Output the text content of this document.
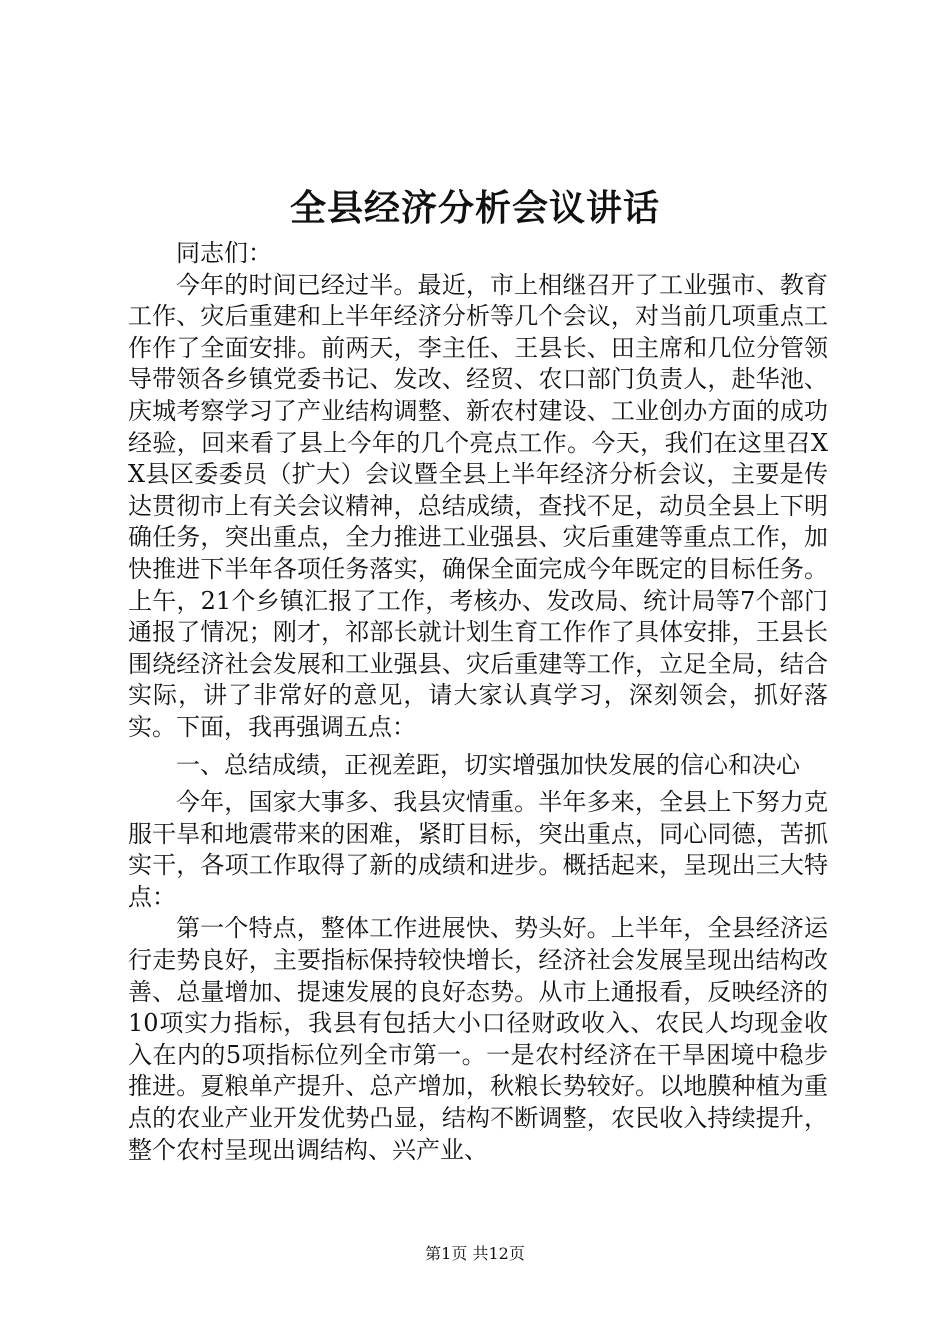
全县经济分析会议讲话

同志们：

今年的时间已经过半。最近，市上相继召开了工业强市、教育工作、灾后重建和上半年经济分析等几个会议，对当前几项重点工作作了全面安排。前两天，李主任、王县长、田主席和几位分管领导带领各乡镇党委书记、发改、经贸、农口部门负责人，赴华池、庆城考察学习了产业结构调整、新农村建设、工业创办方面的成功经验，回来看了县上今年的几个亮点工作。今天，我们在这里召XX县区委委员（扩大）会议暨全县上半年经济分析会议，主要是传达贯彻市上有关会议精神，总结成绩，查找不足，动员全县上下明确任务，突出重点，全力推进工业强县、灾后重建等重点工作，加快推进下半年各项任务落实，确保全面完成今年既定的目标任务。上午，21个乡镇汇报了工作，考核办、发改局、统计局等7个部门通报了情况；刚才，祁部长就计划生育工作作了具体安排，王县长围绕经济社会发展和工业强县、灾后重建等工作，立足全局，结合实际，讲了非常好的意见，请大家认真学习，深刻领会，抓好落实。下面，我再强调五点：

一、总结成绩，正视差距，切实增强加快发展的信心和决心

今年，国家大事多、我县灾情重。半年多来，全县上下努力克服干旱和地震带来的困难，紧盯目标，突出重点，同心同德，苦抓实干，各项工作取得了新的成绩和进步。概括起来，呈现出三大特点：

第一个特点，整体工作进展快、势头好。上半年，全县经济运行走势良好，主要指标保持较快增长，经济社会发展呈现出结构改善、总量增加、提速发展的良好态势。从市上通报看，反映经济的10项实力指标，我县有包括大小口径财政收入、农民人均现金收入在内的5项指标位列全市第一。一是农村经济在干旱困境中稳步推进。夏粮单产提升、总产增加，秋粮长势较好。以地膜种植为重点的农业产业开发优势凸显，结构不断调整，农民收入持续提升，整个农村呈现出调结构、兴产业、

第1页 共12页
